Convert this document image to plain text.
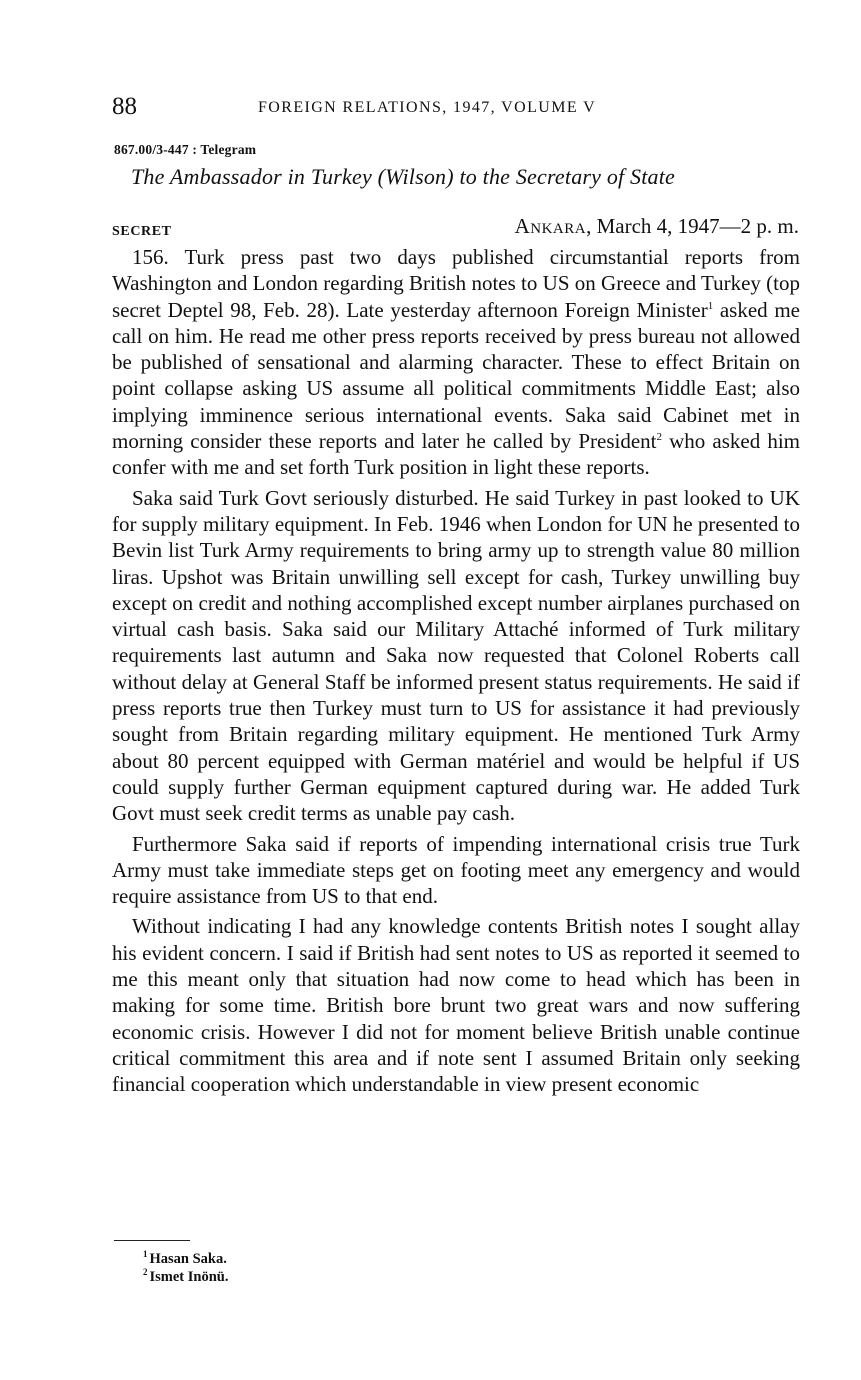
88	FOREIGN RELATIONS, 1947, VOLUME V
867.00/3-447 : Telegram
The Ambassador in Turkey (Wilson) to the Secretary of State
SECRET	Ankara, March 4, 1947—2 p. m.

156. Turk press past two days published circumstantial reports from Washington and London regarding British notes to US on Greece and Turkey (top secret Deptel 98, Feb. 28). Late yesterday afternoon Foreign Minister$^1$ asked me call on him. He read me other press reports received by press bureau not allowed be published of sensational and alarming character. These to effect Britain on point collapse asking US assume all political commitments Middle East; also implying imminence serious international events. Saka said Cabinet met in morning consider these reports and later he called by President$^2$ who asked him confer with me and set forth Turk position in light these reports.

Saka said Turk Govt seriously disturbed. He said Turkey in past looked to UK for supply military equipment. In Feb. 1946 when London for UN he presented to Bevin list Turk Army requirements to bring army up to strength value 80 million liras. Upshot was Britain unwilling sell except for cash, Turkey unwilling buy except on credit and nothing accomplished except number airplanes purchased on virtual cash basis. Saka said our Military Attaché informed of Turk military requirements last autumn and Saka now requested that Colonel Roberts call without delay at General Staff be informed present status requirements. He said if press reports true then Turkey must turn to US for assistance it had previously sought from Britain regarding military equipment. He mentioned Turk Army about 80 percent equipped with German matériel and would be helpful if US could supply further German equipment captured during war. He added Turk Govt must seek credit terms as unable pay cash.

Furthermore Saka said if reports of impending international crisis true Turk Army must take immediate steps get on footing meet any emergency and would require assistance from US to that end.

Without indicating I had any knowledge contents British notes I sought allay his evident concern. I said if British had sent notes to US as reported it seemed to me this meant only that situation had now come to head which has been in making for some time. British bore brunt two great wars and now suffering economic crisis. However I did not for moment believe British unable continue critical commitment this area and if note sent I assumed Britain only seeking financial cooperation which understandable in view present economic

$^1$ Hasan Saka.
$^2$ Ismet Inönü.
